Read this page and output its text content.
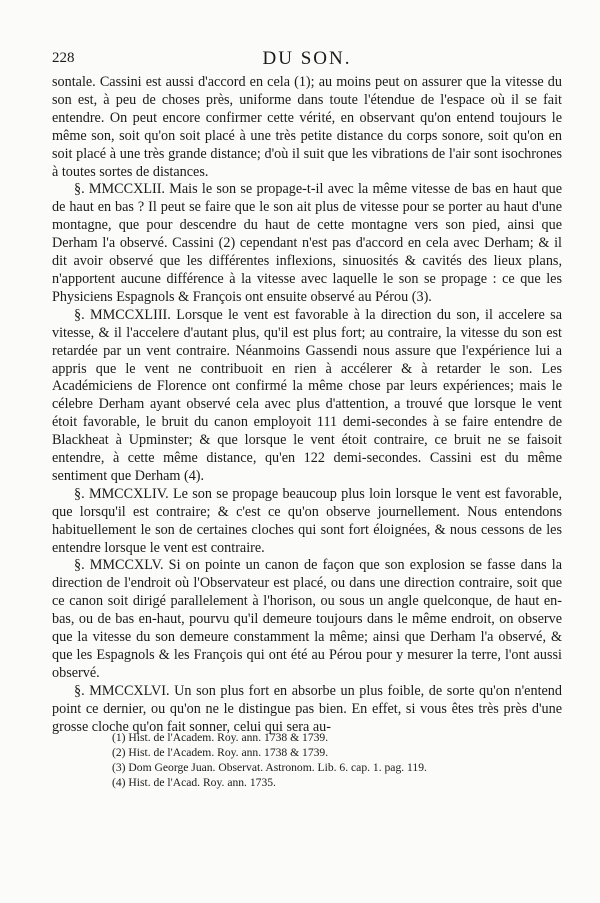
228	DU SON.

sontale. Cassini est aussi d'accord en cela (1); au moins peut on assurer que la vitesse du son est, à peu de choses près, uniforme dans toute l'étendue de l'espace où il se fait entendre. On peut encore confirmer cette vérité, en observant qu'on entend toujours le même son, soit qu'on soit placé à une très petite distance du corps sonore, soit qu'on en soit placé à une très grande distance; d'où il suit que les vibrations de l'air sont isochrones à toutes sortes de distances.

§. MMCCXLII. Mais le son se propage-t-il avec la même vitesse de bas en haut que de haut en bas ? Il peut se faire que le son ait plus de vitesse pour se porter au haut d'une montagne, que pour descendre du haut de cette montagne vers son pied, ainsi que Derham l'a observé. Cassini (2) cependant n'est pas d'accord en cela avec Derham; & il dit avoir observé que les différentes inflexions, sinuosités & cavités des lieux plans, n'apportent aucune différence à la vitesse avec laquelle le son se propage : ce que les Physiciens Espagnols & François ont ensuite observé au Pérou (3).

§. MMCCXLIII. Lorsque le vent est favorable à la direction du son, il accelere sa vitesse, & il l'accelere d'autant plus, qu'il est plus fort; au contraire, la vitesse du son est retardée par un vent contraire. Néanmoins Gassendi nous assure que l'expérience lui a appris que le vent ne contribuoit en rien à accélerer & à retarder le son. Les Académiciens de Florence ont confirmé la même chose par leurs expériences; mais le célebre Derham ayant observé cela avec plus d'attention, a trouvé que lorsque le vent étoit favorable, le bruit du canon employoit 111 demi-secondes à se faire entendre de Blackheat à Upminster; & que lorsque le vent étoit contraire, ce bruit ne se faisoit entendre, à cette même distance, qu'en 122 demi-secondes. Cassini est du même sentiment que Derham (4).

§. MMCCXLIV. Le son se propage beaucoup plus loin lorsque le vent est favorable, que lorsqu'il est contraire; & c'est ce qu'on observe journellement. Nous entendons habituellement le son de certaines cloches qui sont fort éloignées, & nous cessons de les entendre lorsque le vent est contraire.

§. MMCCXLV. Si on pointe un canon de façon que son explosion se fasse dans la direction de l'endroit où l'Observateur est placé, ou dans une direction contraire, soit que ce canon soit dirigé parallelement à l'horison, ou sous un angle quelconque, de haut en-bas, ou de bas en-haut, pourvu qu'il demeure toujours dans le même endroit, on observe que la vitesse du son demeure constamment la même; ainsi que Derham l'a observé, & que les Espagnols & les François qui ont été au Pérou pour y mesurer la terre, l'ont aussi observé.

§. MMCCXLVI. Un son plus fort en absorbe un plus foible, de sorte qu'on n'entend point ce dernier, ou qu'on ne le distingue pas bien. En effet, si vous êtes très près d'une grosse cloche qu'on fait sonner, celui qui sera au-

(1) Hist. de l'Academ. Roy. ann. 1738 & 1739.

(2) Hist. de l'Academ. Roy. ann. 1738 & 1739.

(3) Dom George Juan. Observat. Astronom. Lib. 6. cap. 1. pag. 119.

(4) Hist. de l'Acad. Roy. ann. 1735.
